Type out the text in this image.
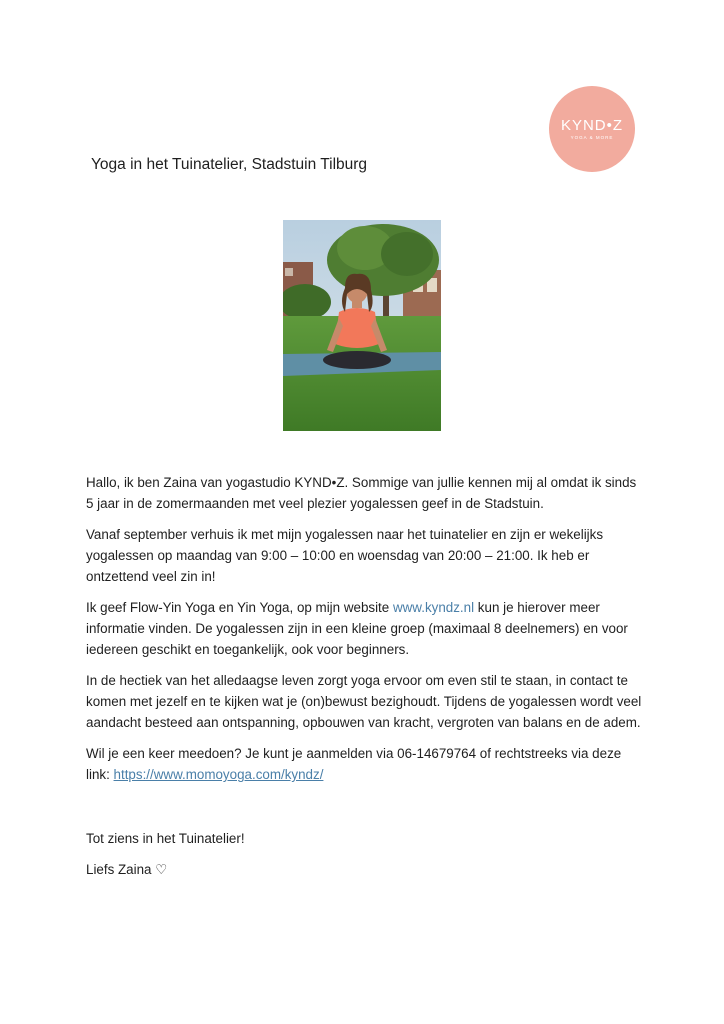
KYND•Z
YOGA & MORE
Yoga in het Tuinatelier, Stadstuin Tilburg

Hallo, ik ben Zaina van yogastudio KYND•Z. Sommige van jullie kennen mij al omdat ik sinds 5 jaar in de zomermaanden met veel plezier yogalessen geef in de Stadstuin.

Vanaf september verhuis ik met mijn yogalessen naar het tuinatelier en zijn er wekelijks yogalessen op maandag van 9:00 – 10:00 en woensdag van 20:00 – 21:00. Ik heb er ontzettend veel zin in!

Ik geef Flow-Yin Yoga en Yin Yoga, op mijn website www.kyndz.nl kun je hierover meer informatie vinden. De yogalessen zijn in een kleine groep (maximaal 8 deelnemers) en voor iedereen geschikt en toegankelijk, ook voor beginners.

In de hectiek van het alledaagse leven zorgt yoga ervoor om even stil te staan, in contact te komen met jezelf en te kijken wat je (on)bewust bezighoudt. Tijdens de yogalessen wordt veel aandacht besteed aan ontspanning, opbouwen van kracht, vergroten van balans en de adem.

Wil je een keer meedoen? Je kunt je aanmelden via 06-14679764 of rechtstreeks via deze link: https://www.momoyoga.com/kyndz/

Tot ziens in het Tuinatelier!

Liefs Zaina ♡
